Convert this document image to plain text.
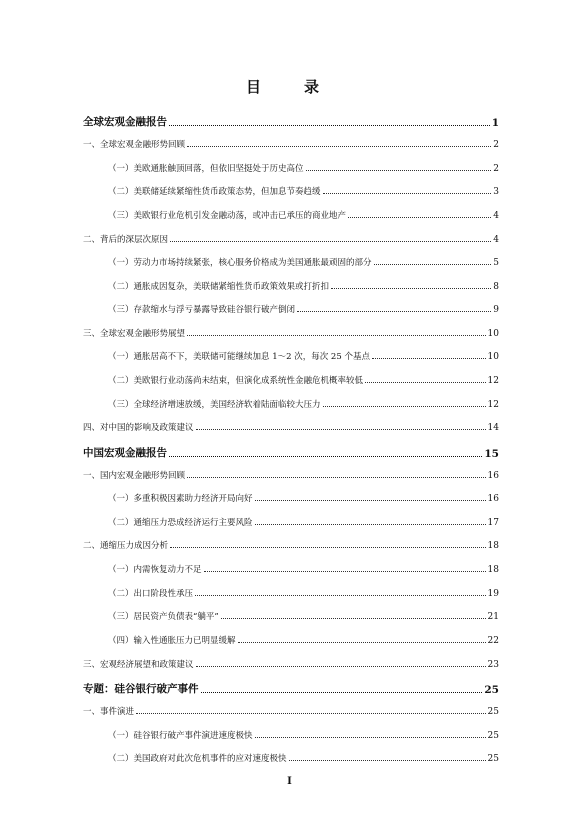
目　录
全球宏观金融报告	1
一、全球宏观金融形势回顾	2
（一）美欧通胀触顶回落，但依旧坚挺处于历史高位	2
（二）美联储延续紧缩性货币政策态势，但加息节奏趋缓	3
（三）美欧银行业危机引发金融动荡，或冲击已承压的商业地产	4
二、背后的深层次原因	4
（一）劳动力市场持续紧张，核心服务价格成为美国通胀最顽固的部分	5
（二）通胀成因复杂，美联储紧缩性货币政策效果或打折扣	8
（三）存款缩水与浮亏暴露导致硅谷银行破产倒闭	9
三、全球宏观金融形势展望	10
（一）通胀居高不下，美联储可能继续加息 1～2 次，每次 25 个基点	10
（二）美欧银行业动荡尚未结束，但演化成系统性金融危机概率较低	12
（三）全球经济增速放缓，美国经济软着陆面临较大压力	12
四、对中国的影响及政策建议	14
中国宏观金融报告	15
一、国内宏观金融形势回顾	16
（一）多重积极因素助力经济开局向好	16
（二）通缩压力恐成经济运行主要风险	17
二、通缩压力成因分析	18
（一）内需恢复动力不足	18
（二）出口阶段性承压	19
（三）居民资产负债表“躺平”	21
（四）输入性通胀压力已明显缓解	22
三、宏观经济展望和政策建议	23
专题：硅谷银行破产事件	25
一、事件演进	25
（一）硅谷银行破产事件演进速度极快	25
（二）美国政府对此次危机事件的应对速度极快	25
I
